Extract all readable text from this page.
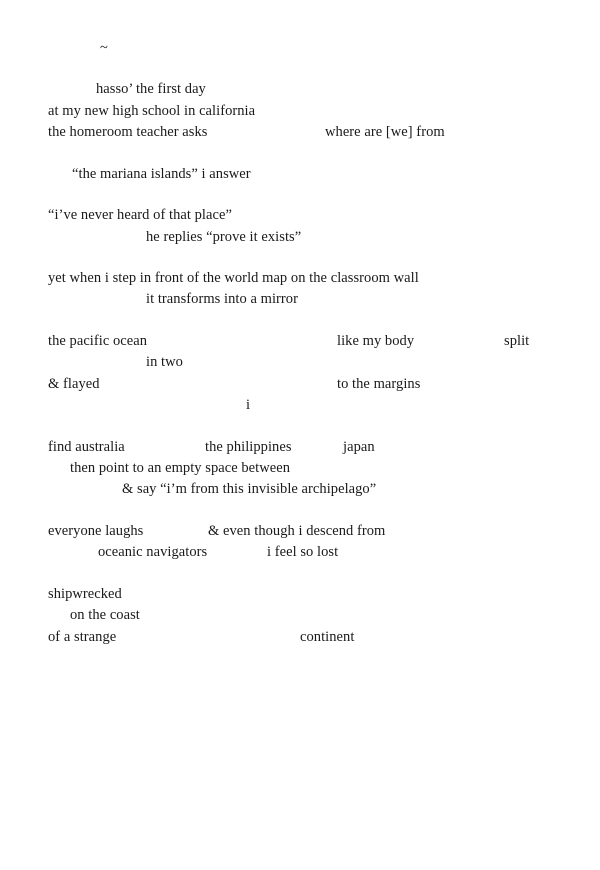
~
hasso’ the first day
at my new high school in california
the homeroom teacher asks	where are [we] from
“the mariana islands” i answer
“i’ve never heard of that place”
he replies “prove it exists”
yet when i step in front of the world map on the classroom wall
it transforms into a mirror
the pacific ocean	like my body	split
in two
& flayed	to the margins
i
find australia	the philippines	japan
then point to an empty space between
& say “i’m from this invisible archipelago”
everyone laughs	& even though i descend from
oceanic navigators	i feel so lost
shipwrecked
on the coast
of a strange	continent
